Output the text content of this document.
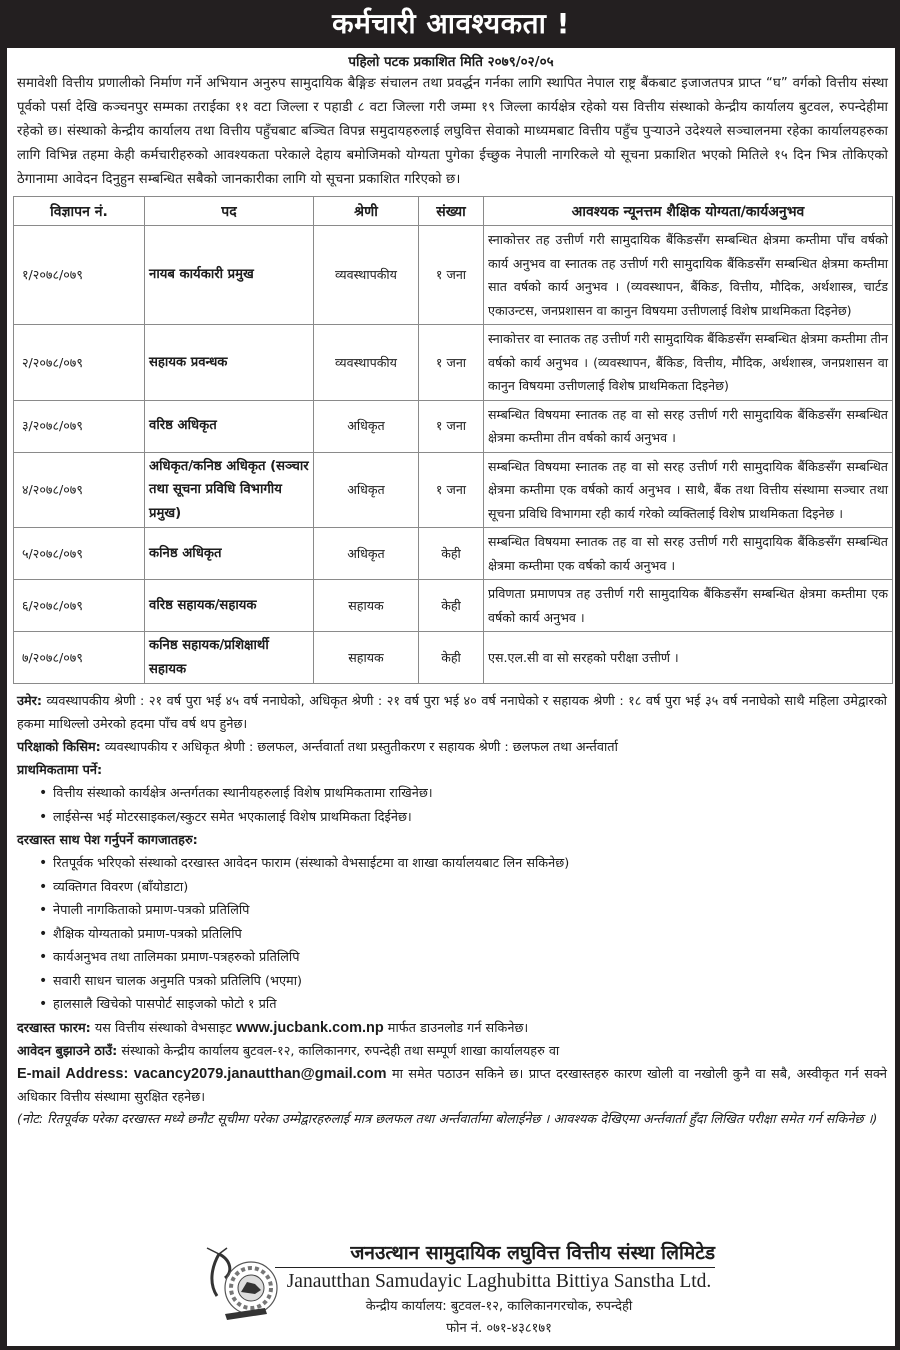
कर्मचारी आवश्यकता !
पहिलो पटक प्रकाशित मिति २०७९/०२/०५
समावेशी वित्तीय प्रणालीको निर्माण गर्ने अभियान अनुरुप सामुदायिक बैङ्गिङ संचालन तथा प्रवर्द्धन गर्नका लागि स्थापित नेपाल राष्ट्र बैंकबाट इजाजतपत्र प्राप्त “घ” वर्गको वित्तीय संस्था पूर्वको पर्सा देखि कञ्चनपुर सम्मका तराईका ११ वटा जिल्ला र पहाडी ८ वटा जिल्ला गरी जम्मा १९ जिल्ला कार्यक्षेत्र रहेको यस वित्तीय संस्थाको केन्द्रीय कार्यालय बुटवल, रुपन्देहीमा रहेको छ। संस्थाको केन्द्रीय कार्यालय तथा वित्तीय पहुँचबाट बञ्चित विपन्न समुदायहरुलाई लघुवित्त सेवाको माध्यमबाट वित्तीय पहुँच पुर्‍याउने उदेश्यले सञ्चालनमा रहेका कार्यालयहरुका लागि विभिन्न तहमा केही कर्मचारीहरुको आवश्यकता परेकाले देहाय बमोजिमको योग्यता पुगेका ईच्छुक नेपाली नागरिकले यो सूचना प्रकाशित भएको मितिले १५ दिन भित्र तोकिएको ठेगानामा आवेदन दिनुहुन सम्बन्धित सबैको जानकारीका लागि यो सूचना प्रकाशित गरिएको छ।
विज्ञापन नं.	पद	श्रेणी	संख्या	आवश्यक न्यूनत्तम शैक्षिक योग्यता/कार्यअनुभव
१/२०७८/०७९	नायब कार्यकारी प्रमुख	व्यवस्थापकीय	१ जना	स्नाकोत्तर तह उत्तीर्ण गरी सामुदायिक बैंकिङसँग सम्बन्धित क्षेत्रमा कम्तीमा पाँच वर्षको कार्य अनुभव वा स्नातक तह उत्तीर्ण गरी सामुदायिक बैंकिङसँग सम्बन्धित क्षेत्रमा कम्तीमा सात वर्षको कार्य अनुभव । (व्यवस्थापन, बैंकिङ, वित्तीय, मौदिक, अर्थशास्त्र, चार्टड एकाउन्टस, जनप्रशासन वा कानुन विषयमा उत्तीणलाई विशेष प्राथमिकता दिइनेछ)
२/२०७८/०७९	सहायक प्रवन्धक	व्यवस्थापकीय	१ जना	स्नाकोत्तर वा स्नातक तह उत्तीर्ण गरी सामुदायिक बैंकिङसँग सम्बन्धित क्षेत्रमा कम्तीमा तीन वर्षको कार्य अनुभव । (व्यवस्थापन, बैंकिङ, वित्तीय, मौदिक, अर्थशास्त्र, जनप्रशासन वा कानुन विषयमा उत्तीणलाई विशेष प्राथमिकता दिइनेछ)
३/२०७८/०७९	वरिष्ठ अधिकृत	अधिकृत	१ जना	सम्बन्धित विषयमा स्नातक तह वा सो सरह उत्तीर्ण गरी सामुदायिक बैंकिङसँग सम्बन्धित क्षेत्रमा कम्तीमा तीन वर्षको कार्य अनुभव ।
४/२०७८/०७९	अधिकृत/कनिष्ठ अधिकृत (सञ्चार तथा सूचना प्रविधि विभागीय प्रमुख)	अधिकृत	१ जना	सम्बन्धित विषयमा स्नातक तह वा सो सरह उत्तीर्ण गरी सामुदायिक बैंकिङसँग सम्बन्धित क्षेत्रमा कम्तीमा एक वर्षको कार्य अनुभव । साथै, बैंक तथा वित्तीय संस्थामा सञ्चार तथा सूचना प्रविधि विभागमा रही कार्य गरेको व्यक्तिलाई विशेष प्राथमिकता दिइनेछ ।
५/२०७८/०७९	कनिष्ठ अधिकृत	अधिकृत	केही	सम्बन्धित विषयमा स्नातक तह वा सो सरह उत्तीर्ण गरी सामुदायिक बैंकिङसँग सम्बन्धित क्षेत्रमा कम्तीमा एक वर्षको कार्य अनुभव ।
६/२०७८/०७९	वरिष्ठ सहायक/सहायक	सहायक	केही	प्रविणता प्रमाणपत्र तह उत्तीर्ण गरी सामुदायिक बैंकिङसँग सम्बन्धित क्षेत्रमा कम्तीमा एक वर्षको कार्य अनुभव ।
७/२०७८/०७९	कनिष्ठ सहायक/प्रशिक्षार्थी सहायक	सहायक	केही	एस.एल.सी वा सो सरहको परीक्षा उत्तीर्ण ।
उमेर: व्यवस्थापकीय श्रेणी : २१ वर्ष पुरा भई ४५ वर्ष ननाघेको, अधिकृत श्रेणी : २१ वर्ष पुरा भई ४० वर्ष ननाघेको र सहायक श्रेणी : १८ वर्ष पुरा भई ३५ वर्ष ननाघेको साथै महिला उमेद्वारको हकमा माथिल्लो उमेरको हदमा पाँच वर्ष थप हुनेछ।
परिक्षाको किसिम: व्यवस्थापकीय र अधिकृत श्रेणी : छलफल, अर्न्तवार्ता तथा प्रस्तुतीकरण र सहायक श्रेणी : छलफल तथा अर्न्तवार्ता
प्राथमिकतामा पर्ने:
• वित्तीय संस्थाको कार्यक्षेत्र अन्तर्गतका स्थानीयहरुलाई विशेष प्राथमिकतामा राखिनेछ।
• लाईसेन्स भई मोटरसाइकल/स्कुटर समेत भएकालाई विशेष प्राथमिकता दिईनेछ।
दरखास्त साथ पेश गर्नुपर्ने कागजातहरु:
• रितपूर्वक भरिएको संस्थाको दरखास्त आवेदन फाराम (संस्थाको वेभसाईटमा वा शाखा कार्यालयबाट लिन सकिनेछ)
• व्यक्तिगत विवरण (बाँयोडाटा)
• नेपाली नागकिताको प्रमाण-पत्रको प्रतिलिपि
• शैक्षिक योग्यताको प्रमाण-पत्रको प्रतिलिपि
• कार्यअनुभव तथा तालिमका प्रमाण-पत्रहरुको प्रतिलिपि
• सवारी साधन चालक अनुमति पत्रको प्रतिलिपि (भएमा)
• हालसालै खिचेको पासपोर्ट साइजको फोटो १ प्रति
दरखास्त फारम: यस वित्तीय संस्थाको वेभसाइट www.jucbank.com.np मार्फत डाउनलोड गर्न सकिनेछ।
आवेदन बुझाउने ठाउँ: संस्थाको केन्द्रीय कार्यालय बुटवल-१२, कालिकानगर, रुपन्देही तथा सम्पूर्ण शाखा कार्यालयहरु वा
E-mail Address: vacancy2079.janautthan@gmail.com मा समेत पठाउन सकिने छ। प्राप्त दरखास्तहरु कारण खोली वा नखोली कुनै वा सबै, अस्वीकृत गर्न सक्ने अधिकार वित्तीय संस्थामा सुरक्षित रहनेछ।
(नोट: रितपूर्वक परेका दरखास्त मध्ये छनौट सूचीमा परेका उम्मेद्वारहरुलाई मात्र छलफल तथा अर्न्तवार्तामा बोलाईनेछ । आवश्यक देखिएमा अर्न्तवार्ता हुँदा लिखित परीक्षा समेत गर्न सकिनेछ ।)
जनउत्थान सामुदायिक लघुवित्त वित्तीय संस्था लिमिटेड
Janautthan Samudayic Laghubitta Bittiya Sanstha Ltd.
केन्द्रीय कार्यालय: बुटवल-१२, कालिकानगरचोक, रुपन्देही
फोन नं. ०७१-४३८१७१
